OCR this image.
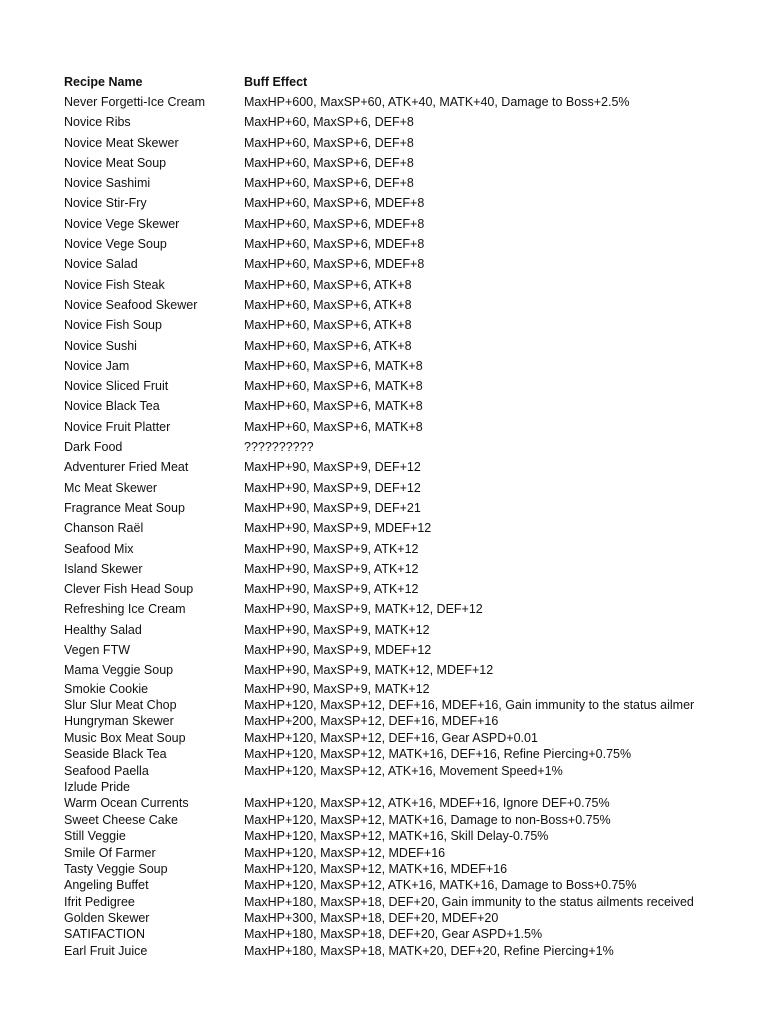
Recipe Name	Buff Effect
Never Forgetti-Ice Cream	MaxHP+600, MaxSP+60, ATK+40, MATK+40, Damage to Boss+2.5%
Novice Ribs	MaxHP+60, MaxSP+6, DEF+8
Novice Meat Skewer	MaxHP+60, MaxSP+6, DEF+8
Novice Meat Soup	MaxHP+60, MaxSP+6, DEF+8
Novice Sashimi	MaxHP+60, MaxSP+6, DEF+8
Novice Stir-Fry	MaxHP+60, MaxSP+6, MDEF+8
Novice Vege Skewer	MaxHP+60, MaxSP+6, MDEF+8
Novice Vege Soup	MaxHP+60, MaxSP+6, MDEF+8
Novice Salad	MaxHP+60, MaxSP+6, MDEF+8
Novice Fish Steak	MaxHP+60, MaxSP+6, ATK+8
Novice Seafood Skewer	MaxHP+60, MaxSP+6, ATK+8
Novice Fish Soup	MaxHP+60, MaxSP+6, ATK+8
Novice Sushi	MaxHP+60, MaxSP+6, ATK+8
Novice Jam	MaxHP+60, MaxSP+6, MATK+8
Novice Sliced Fruit	MaxHP+60, MaxSP+6, MATK+8
Novice Black Tea	MaxHP+60, MaxSP+6, MATK+8
Novice Fruit Platter	MaxHP+60, MaxSP+6, MATK+8
Dark Food	??????????
Adventurer Fried Meat	MaxHP+90, MaxSP+9, DEF+12
Mc Meat Skewer	MaxHP+90, MaxSP+9, DEF+12
Fragrance Meat Soup	MaxHP+90, MaxSP+9, DEF+21
Chanson Raël	MaxHP+90, MaxSP+9, MDEF+12
Seafood Mix	MaxHP+90, MaxSP+9, ATK+12
Island Skewer	MaxHP+90, MaxSP+9, ATK+12
Clever Fish Head Soup	MaxHP+90, MaxSP+9, ATK+12
Refreshing Ice Cream	MaxHP+90, MaxSP+9, MATK+12, DEF+12
Healthy Salad	MaxHP+90, MaxSP+9, MATK+12
Vegen FTW	MaxHP+90, MaxSP+9, MDEF+12
Mama Veggie Soup	MaxHP+90, MaxSP+9, MATK+12, MDEF+12
Smokie Cookie	MaxHP+90, MaxSP+9, MATK+12
Slur Slur Meat Chop	MaxHP+120, MaxSP+12, DEF+16, MDEF+16, Gain immunity to the status ailmer
Hungryman Skewer	MaxHP+200, MaxSP+12, DEF+16, MDEF+16
Music Box Meat Soup	MaxHP+120, MaxSP+12, DEF+16, Gear ASPD+0.01
Seaside Black Tea	MaxHP+120, MaxSP+12, MATK+16, DEF+16, Refine Piercing+0.75%
Seafood Paella	MaxHP+120, MaxSP+12, ATK+16, Movement Speed+1%
Izlude Pride
Warm Ocean Currents	MaxHP+120, MaxSP+12, ATK+16, MDEF+16, Ignore DEF+0.75%
Sweet Cheese Cake	MaxHP+120, MaxSP+12, MATK+16, Damage to non-Boss+0.75%
Still Veggie	MaxHP+120, MaxSP+12, MATK+16, Skill Delay-0.75%
Smile Of Farmer	MaxHP+120, MaxSP+12, MDEF+16
Tasty Veggie Soup	MaxHP+120, MaxSP+12, MATK+16, MDEF+16
Angeling Buffet	MaxHP+120, MaxSP+12, ATK+16, MATK+16, Damage to Boss+0.75%
Ifrit Pedigree	MaxHP+180, MaxSP+18, DEF+20, Gain immunity to the status ailments received
Golden Skewer	MaxHP+300, MaxSP+18, DEF+20, MDEF+20
SATIFACTION	MaxHP+180, MaxSP+18, DEF+20, Gear ASPD+1.5%
Earl Fruit Juice	MaxHP+180, MaxSP+18, MATK+20, DEF+20, Refine Piercing+1%
